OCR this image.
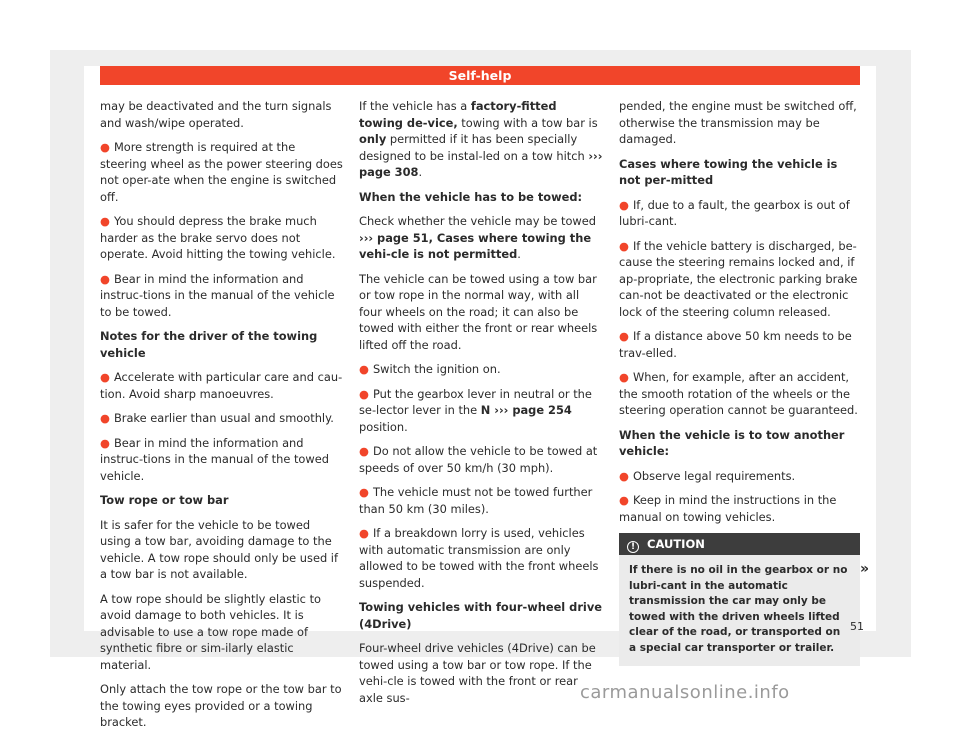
Self-help
may be deactivated and the turn signals and wash/wipe operated.
● More strength is required at the steering wheel as the power steering does not oper-ate when the engine is switched off.
● You should depress the brake much harder as the brake servo does not operate. Avoid hitting the towing vehicle.
● Bear in mind the information and instruc-tions in the manual of the vehicle to be towed.
Notes for the driver of the towing vehicle
● Accelerate with particular care and cau-tion. Avoid sharp manoeuvres.
● Brake earlier than usual and smoothly.
● Bear in mind the information and instruc-tions in the manual of the towed vehicle.
Tow rope or tow bar
It is safer for the vehicle to be towed using a tow bar, avoiding damage to the vehicle. A tow rope should only be used if a tow bar is not available.
A tow rope should be slightly elastic to avoid damage to both vehicles. It is advisable to use a tow rope made of synthetic fibre or sim-ilarly elastic material.
Only attach the tow rope or the tow bar to the towing eyes provided or a towing bracket.
If the vehicle has a factory-fitted towing de-vice, towing with a tow bar is only permitted if it has been specially designed to be instal-led on a tow hitch ››› page 308.
When the vehicle has to be towed:
Check whether the vehicle may be towed ››› page 51, Cases where towing the vehi-cle is not permitted.
The vehicle can be towed using a tow bar or tow rope in the normal way, with all four wheels on the road; it can also be towed with either the front or rear wheels lifted off the road.
● Switch the ignition on.
● Put the gearbox lever in neutral or the se-lector lever in the N ››› page 254 position.
● Do not allow the vehicle to be towed at speeds of over 50 km/h (30 mph).
● The vehicle must not be towed further than 50 km (30 miles).
● If a breakdown lorry is used, vehicles with automatic transmission are only allowed to be towed with the front wheels suspended.
Towing vehicles with four-wheel drive (4Drive)
Four-wheel drive vehicles (4Drive) can be towed using a tow bar or tow rope. If the vehi-cle is towed with the front or rear axle sus-
pended, the engine must be switched off, otherwise the transmission may be damaged.
Cases where towing the vehicle is not per-mitted
● If, due to a fault, the gearbox is out of lubri-cant.
● If the vehicle battery is discharged, be-cause the steering remains locked and, if ap-propriate, the electronic parking brake can-not be deactivated or the electronic lock of the steering column released.
● If a distance above 50 km needs to be trav-elled.
● When, for example, after an accident, the smooth rotation of the wheels or the steering operation cannot be guaranteed.
When the vehicle is to tow another vehicle:
● Observe legal requirements.
● Keep in mind the instructions in the manual on towing vehicles.
! CAUTION
If there is no oil in the gearbox or no lubri-cant in the automatic transmission the car may only be towed with the driven wheels lifted clear of the road, or transported on a special car transporter or trailer.
»
51
carmanualsonline.info
